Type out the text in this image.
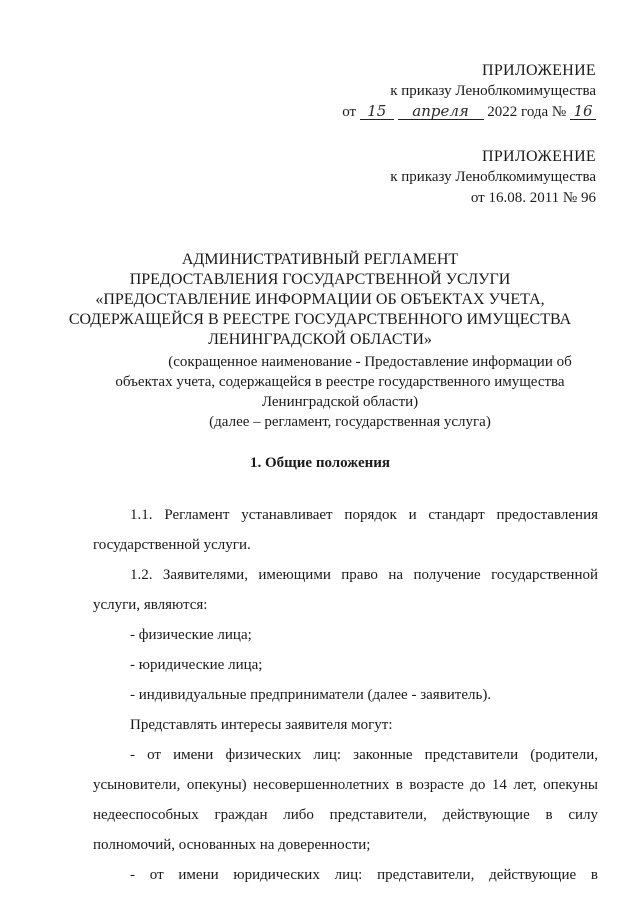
ПРИЛОЖЕНИЕ
к приказу Леноблкомимущества
от 15 апреля 2022 года № 16
ПРИЛОЖЕНИЕ
к приказу Леноблкомимущества
от 16.08. 2011 № 96
АДМИНИСТРАТИВНЫЙ РЕГЛАМЕНТ
ПРЕДОСТАВЛЕНИЯ ГОСУДАРСТВЕННОЙ УСЛУГИ
«ПРЕДОСТАВЛЕНИЕ ИНФОРМАЦИИ ОБ ОБЪЕКТАХ УЧЕТА,
СОДЕРЖАЩЕЙСЯ В РЕЕСТРЕ ГОСУДАРСТВЕННОГО ИМУЩЕСТВА
ЛЕНИНГРАДСКОЙ ОБЛАСТИ»
(сокращенное наименование - Предоставление информации об
объектах учета, содержащейся в реестре государственного имущества
Ленинградской области)
(далее – регламент, государственная услуга)
1. Общие положения
1.1. Регламент устанавливает порядок и стандарт предоставления государственной услуги.
1.2. Заявителями, имеющими право на получение государственной услуги, являются:
- физические лица;
- юридические лица;
- индивидуальные предприниматели (далее - заявитель).
Представлять интересы заявителя могут:
- от имени физических лиц: законные представители (родители, усыновители, опекуны) несовершеннолетних в возрасте до 14 лет, опекуны недееспособных граждан либо представители, действующие в силу полномочий, основанных на доверенности;
- от имени юридических лиц: представители, действующие в
